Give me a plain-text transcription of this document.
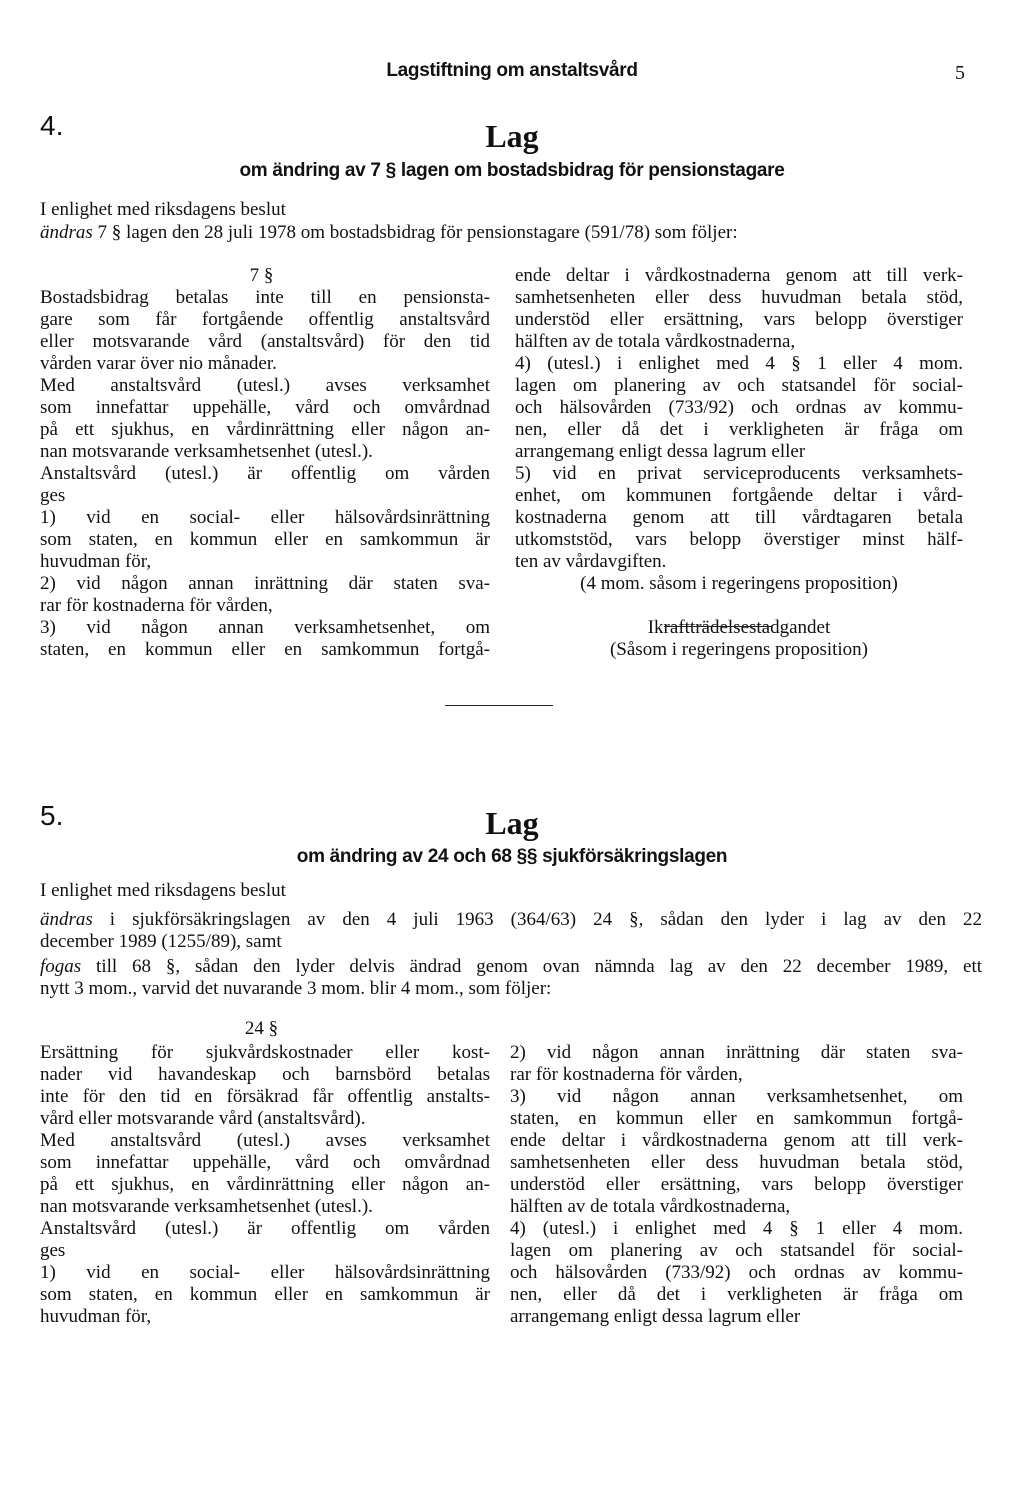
Lagstiftning om anstaltsvård	5
4.	Lag
om ändring av 7 § lagen om bostadsbidrag för pensionstagare
I enlighet med riksdagens beslut
ändras 7 § lagen den 28 juli 1978 om bostadsbidrag för pensionstagare (591/78) som följer:
7 §
Bostadsbidrag betalas inte till en pensionsta-
gare som får fortgående offentlig anstaltsvård
eller motsvarande vård (anstaltsvård) för den tid
vården varar över nio månader.
Med anstaltsvård (utesl.) avses verksamhet
som innefattar uppehälle, vård och omvårdnad
på ett sjukhus, en vårdinrättning eller någon an-
nan motsvarande verksamhetsenhet (utesl.).
Anstaltsvård (utesl.) är offentlig om vården
ges
1) vid en social- eller hälsovårdsinrättning
som staten, en kommun eller en samkommun är
huvudman för,
2) vid någon annan inrättning där staten sva-
rar för kostnaderna för vården,
3) vid någon annan verksamhetsenhet, om
staten, en kommun eller en samkommun fortgå-
ende deltar i vårdkostnaderna genom att till verk-
samhetsenheten eller dess huvudman betala stöd,
understöd eller ersättning, vars belopp överstiger
hälften av de totala vårdkostnaderna,
4) (utesl.) i enlighet med 4 § 1 eller 4 mom.
lagen om planering av och statsandel för social-
och hälsovården (733/92) och ordnas av kommu-
nen, eller då det i verkligheten är fråga om
arrangemang enligt dessa lagrum eller
5) vid en privat serviceproducents verksamhets-
enhet, om kommunen fortgående deltar i vård-
kostnaderna genom att till vårdtagaren betala
utkomststöd, vars belopp överstiger minst hälf-
ten av vårdavgiften.
(4 mom. såsom i regeringens proposition)

Ikraftträdelsestadgandet
(Såsom i regeringens proposition)
5.	Lag
om ändring av 24 och 68 §§ sjukförsäkringslagen
I enlighet med riksdagens beslut
ändras i sjukförsäkringslagen av den 4 juli 1963 (364/63) 24 §, sådan den lyder i lag av den 22
december 1989 (1255/89), samt
fogas till 68 §, sådan den lyder delvis ändrad genom ovan nämnda lag av den 22 december 1989, ett
nytt 3 mom., varvid det nuvarande 3 mom. blir 4 mom., som följer:
24 §
Ersättning för sjukvårdskostnader eller kost-
nader vid havandeskap och barnsbörd betalas
inte för den tid en försäkrad får offentlig anstalts-
vård eller motsvarande vård (anstaltsvård).
Med anstaltsvård (utesl.) avses verksamhet
som innefattar uppehälle, vård och omvårdnad
på ett sjukhus, en vårdinrättning eller någon an-
nan motsvarande verksamhetsenhet (utesl.).
Anstaltsvård (utesl.) är offentlig om vården
ges
1) vid en social- eller hälsovårdsinrättning
som staten, en kommun eller en samkommun är
huvudman för,
2) vid någon annan inrättning där staten sva-
rar för kostnaderna för vården,
3) vid någon annan verksamhetsenhet, om
staten, en kommun eller en samkommun fortgå-
ende deltar i vårdkostnaderna genom att till verk-
samhetsenheten eller dess huvudman betala stöd,
understöd eller ersättning, vars belopp överstiger
hälften av de totala vårdkostnaderna,
4) (utesl.) i enlighet med 4 § 1 eller 4 mom.
lagen om planering av och statsandel för social-
och hälsovården (733/92) och ordnas av kommu-
nen, eller då det i verkligheten är fråga om
arrangemang enligt dessa lagrum eller
